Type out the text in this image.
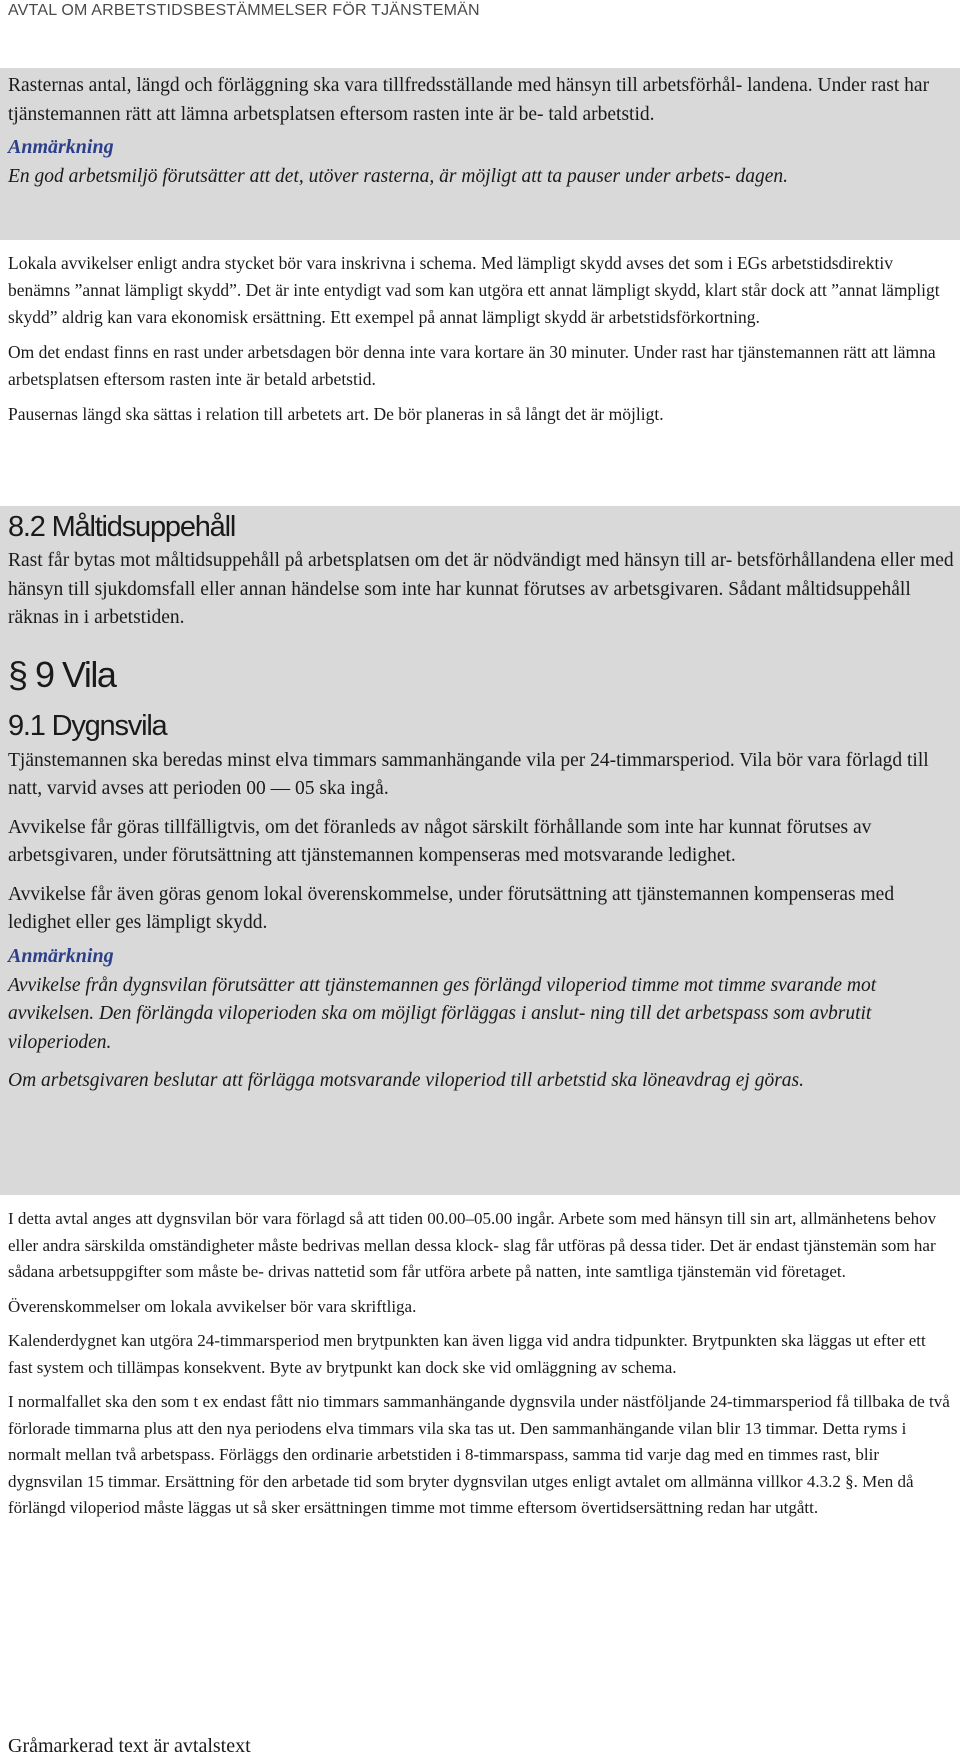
AVTAL OM ARBETSTIDSBESTÄMMELSER FÖR TJÄNSTEMÄN

Rasternas antal, längd och förläggning ska vara tillfredsställande med hänsyn till arbetsförhål- landena. Under rast har tjänstemannen rätt att lämna arbetsplatsen eftersom rasten inte är be- tald arbetstid.

Anmärkning

En god arbetsmiljö förutsätter att det, utöver rasterna, är möjligt att ta pauser under arbets- dagen.

Lokala avvikelser enligt andra stycket bör vara inskrivna i schema. Med lämpligt skydd avses det som i EGs arbetstidsdirektiv benämns ”annat lämpligt skydd”. Det är inte entydigt vad som kan utgöra ett annat lämpligt skydd, klart står dock att ”annat lämpligt skydd” aldrig kan vara ekonomisk ersättning. Ett exempel på annat lämpligt skydd är arbetstidsförkortning.

Om det endast finns en rast under arbetsdagen bör denna inte vara kortare än 30 minuter. Under rast har tjänstemannen rätt att lämna arbetsplatsen eftersom rasten inte är betald arbetstid.

Pausernas längd ska sättas i relation till arbetets art. De bör planeras in så långt det är möjligt.

8.2 Måltidsuppehåll

Rast får bytas mot måltidsuppehåll på arbetsplatsen om det är nödvändigt med hänsyn till ar- betsförhållandena eller med hänsyn till sjukdomsfall eller annan händelse som inte har kunnat förutses av arbetsgivaren. Sådant måltidsuppehåll räknas in i arbetstiden.

§ 9 Vila

9.1 Dygnsvila

Tjänstemannen ska beredas minst elva timmars sammanhängande vila per 24-timmarsperiod. Vila bör vara förlagd till natt, varvid avses att perioden 00 — 05 ska ingå.

Avvikelse får göras tillfälligtvis, om det föranleds av något särskilt förhållande som inte har kunnat förutses av arbetsgivaren, under förutsättning att tjänstemannen kompenseras med motsvarande ledighet.

Avvikelse får även göras genom lokal överenskommelse, under förutsättning att tjänstemannen kompenseras med ledighet eller ges lämpligt skydd.

Anmärkning

Avvikelse från dygnsvilan förutsätter att tjänstemannen ges förlängd viloperiod timme mot timme svarande mot avvikelsen. Den förlängda viloperioden ska om möjligt förläggas i anslut- ning till det arbetspass som avbrutit viloperioden.

Om arbetsgivaren beslutar att förlägga motsvarande viloperiod till arbetstid ska löneavdrag ej göras.

I detta avtal anges att dygnsvilan bör vara förlagd så att tiden 00.00–05.00 ingår. Arbete som med hänsyn till sin art, allmänhetens behov eller andra särskilda omständigheter måste bedrivas mellan dessa klock- slag får utföras på dessa tider. Det är endast tjänstemän som har sådana arbetsuppgifter som måste be- drivas nattetid som får utföra arbete på natten, inte samtliga tjänstemän vid företaget.

Överenskommelser om lokala avvikelser bör vara skriftliga.

Kalenderdygnet kan utgöra 24-timmarsperiod men brytpunkten kan även ligga vid andra tidpunkter. Brytpunkten ska läggas ut efter ett fast system och tillämpas konsekvent. Byte av brytpunkt kan dock ske vid omläggning av schema.

I normalfallet ska den som t ex endast fått nio timmars sammanhängande dygnsvila under nästföljande 24-timmarsperiod få tillbaka de två förlorade timmarna plus att den nya periodens elva timmars vila ska tas ut. Den sammanhängande vilan blir 13 timmar. Detta ryms i normalt mellan två arbetspass. Förläggs den ordinarie arbetstiden i 8-timmarspass, samma tid varje dag med en timmes rast, blir dygnsvilan 15 timmar. Ersättning för den arbetade tid som bryter dygnsvilan utges enligt avtalet om allmänna villkor 4.3.2 §. Men då förlängd viloperiod måste läggas ut så sker ersättningen timme mot timme eftersom övertidsersättning redan har utgått.

Gråmarkerad text är avtalstext
